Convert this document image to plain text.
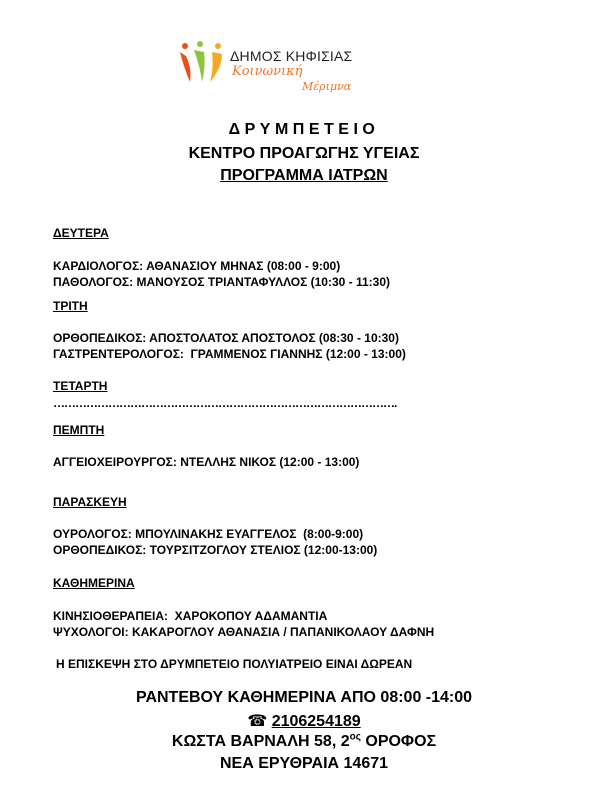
ΔΗΜΟΣ ΚΗΦΙΣΙΑΣ
Κοινωνική
Μέριμνα
ΔΡΥΜΠΕΤΕΙΟ
ΚΕΝΤΡΟ ΠΡΟΑΓΩΓΗΣ ΥΓΕΙΑΣ
ΠΡΟΓΡΑΜΜΑ ΙΑΤΡΩΝ
ΔΕΥΤΕΡΑ
ΚΑΡΔΙΟΛΟΓΟΣ: ΑΘΑΝΑΣΙΟΥ ΜΗΝΑΣ (08:00 - 9:00)
ΠΑΘΟΛΟΓΟΣ: ΜΑΝΟΥΣΟΣ ΤΡΙΑΝΤΑΦΥΛΛΟΣ (10:30 - 11:30)
ΤΡΙΤΗ
ΟΡΘΟΠΕΔΙΚΟΣ: ΑΠΟΣΤΟΛΑΤΟΣ ΑΠΟΣΤΟΛΟΣ (08:30 - 10:30)
ΓΑΣΤΡΕΝΤΕΡΟΛΟΓΟΣ:  ΓΡΑΜΜΕΝΟΣ ΓΙΑΝΝΗΣ (12:00 - 13:00)
ΤΕΤΑΡΤΗ
………………………………………………………………………………….
ΠΕΜΠΤΗ
ΑΓΓΕΙΟΧΕΙΡΟΥΡΓΟΣ: ΝΤΕΛΛΗΣ ΝΙΚΟΣ (12:00 - 13:00)
ΠΑΡΑΣΚΕΥΗ
ΟΥΡΟΛΟΓΟΣ: ΜΠΟΥΛΙΝΑΚΗΣ ΕΥΑΓΓΕΛΟΣ  (8:00-9:00)
ΟΡΘΟΠΕΔΙΚΟΣ: ΤΟΥΡΣΙΤΖΟΓΛΟΥ ΣΤΕΛΙΟΣ (12:00-13:00)
ΚΑΘΗΜΕΡΙΝΑ
ΚΙΝΗΣΙΟΘΕΡΑΠΕΙΑ:  ΧΑΡΟΚΟΠΟΥ ΑΔΑΜΑΝΤΙΑ
ΨΥΧΟΛΟΓΟΙ: ΚΑΚΑΡΟΓΛΟΥ ΑΘΑΝΑΣΙΑ / ΠΑΠΑΝΙΚΟΛΑΟΥ ΔΑΦΝΗ
Η ΕΠΙΣΚΕΨΗ ΣΤΟ ΔΡΥΜΠΕΤΕΙΟ ΠΟΛΥΙΑΤΡΕΙΟ ΕΙΝΑΙ ΔΩΡΕΑΝ
ΡΑΝΤΕΒΟΥ ΚΑΘΗΜΕΡΙΝΑ ΑΠΟ 08:00 -14:00
☎ 2106254189
ΚΩΣΤΑ ΒΑΡΝΑΛΗ 58, $2^{o\varsigma}$ ΟΡΟΦΟΣ
ΝΕΑ ΕΡΥΘΡΑΙΑ 14671
